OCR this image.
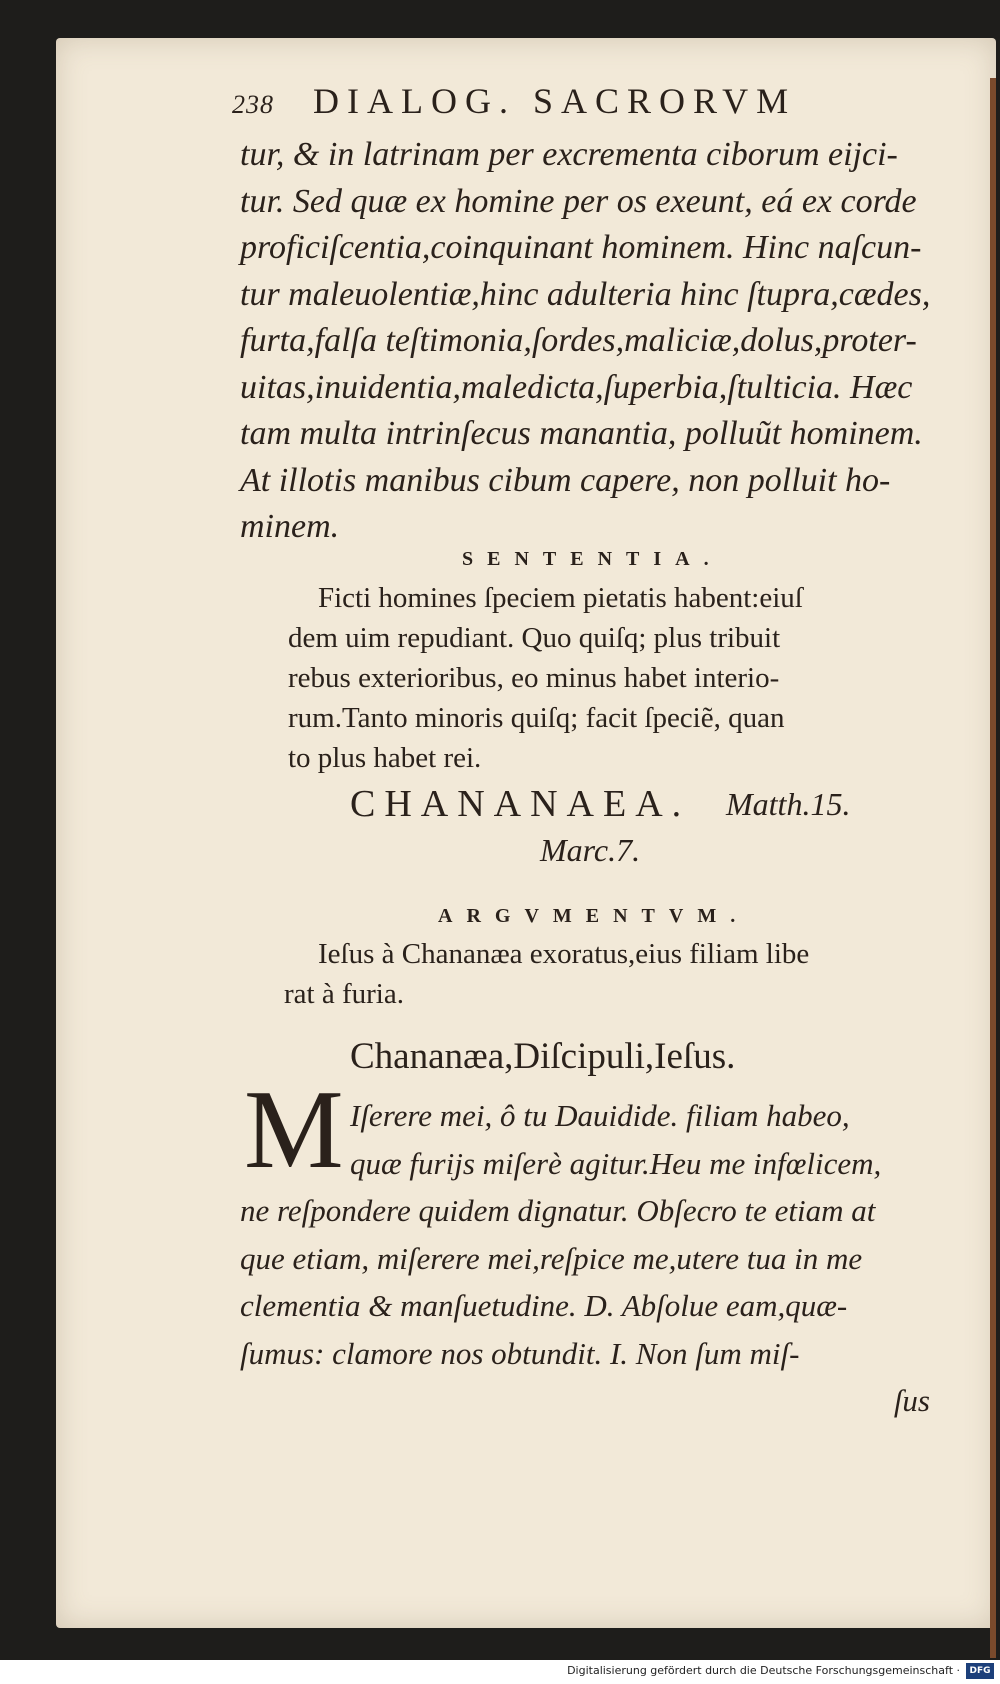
238 DIALOG. SACRORVM
tur, & in latrinam per excrementa ciborum eijci-
tur. Sed quæ ex homine per os exeunt, eá ex corde
proficiſcentia,coinquinant hominem. Hinc naſcun-
tur maleuolentiæ,hinc adulteria hinc ſtupra,cædes,
furta,falſa teſtimonia,ſordes,maliciæ,dolus,proter-
uitas,inuidentia,maledicta,ſuperbia,ſtulticia. Hæc
tam multa intrinſecus manantia, polluũt hominem.
At illotis manibus cibum capere, non polluit ho-
minem.
SENTENTIA.
Ficti homines ſpeciem pietatis habent:eiuſ
dem uim repudiant. Quo quiſq; plus tribuit
rebus exterioribus, eo minus habet interio-
rum.Tanto minoris quiſq; facit ſpeciẽ, quan
to plus habet rei.
CHANANAEA. Matth.15.
Marc.7.
ARGVMENTVM.
Ieſus à Chananæa exoratus,eius filiam libe
rat à furia.
Chananæa,Diſcipuli,Ieſus.
M Iſerere mei, ô tu Dauidide. filiam habeo,
quæ furijs miſerè agitur.Heu me infœlicem,
ne reſpondere quidem dignatur. Obſecro te etiam at
que etiam, miſerere mei,reſpice me,utere tua in me
clementia & manſuetudine. D. Abſolue eam,quæ-
ſumus: clamore nos obtundit. I. Non ſum miſ-
ſus
Digitalisierung gefördert durch die Deutsche Forschungsgemeinschaft ·	DFG
